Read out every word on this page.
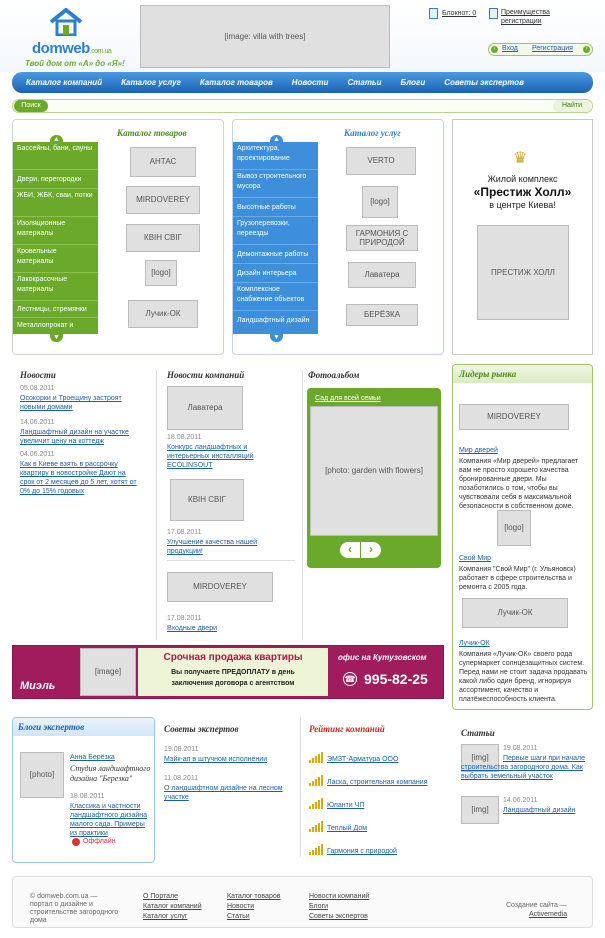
domweb.com.ua
Твой дом от «А» до «Я»!
[image: villa with trees]
Блокнот: 0	Преимущества регистрации
‹ Вход Регистрация	›
Каталог компаний Каталог услуг Каталог товаров Новости Статьи Блоги Советы экспертов
Поиск	Найти
Каталог товаров
Бассейны, бани, сауны
Двери, перегородки
ЖБИ, ЖБК, сваи, потки
Изоляционные материалы
Кровельные материалы
Лакокрасочные материалы
Лестницы, стремянки
Металлопрокат и
▲
▼
АНТАС
MIRDOVEREY
КВІН СВІГ
[logo]
Лучик-ОК
Каталог услуг
Архитектура, проектирование
Вывоз строительного мусора
Высотные работы
Грузоперевозки, переезды
Демонтажные работы
Дизайн интерьера
Комплексное снабжение объектов
Ландшафтный дизайн
▲
▼
VERTO
[logo]
ГАРМОНИЯ С ПРИРОДОЙ
Лаватера
БЕРЁЗКА
♛
Жилой комплекс
«Престиж Холл»
в центре Киева!
ПРЕСТИЖ ХОЛЛ
Новости
05.08.2011
Осокорки и Троещину застроят новыми домами
14.06.2011
Ландшафтный дизайн на участке увеличит цену на коттедж
04.06.2011
Как в Киеве взять в рассрочку квартиру в новостройке Дают на срок от 2 месяцев до 5 лет, хотят от 0% до 15% годовых
Новости компаний
Лаватера
18.08.2011
Конкурс ландшафтных и интерьерных инсталляций ECOLINSOUT
КВІН СВІГ
17.08.2011
Улучшение качества нашей продукции!
MIRDOVEREY
17.08.2011
Входные двери
Фотоальбом
Сад для всей семьи
[photo: garden with flowers]
‹	›
Лидеры рынка
MIRDOVEREY
Мир дверей
Компания «Мир дверей» предлагает вам не просто хорошего качества бронированные двери. Мы позаботились о том, чтобы вы чувствовали себя в максимальной безопасности в собственном доме.
[logo]
Свой Мир
Компания "Свой Мир" (г. Ульяновск) работает в сфере строительства и ремонта с 2005 года.
Лучик-ОК
Лучик-ОК
Компания «Лучик-ОК» своего рода супермаркет солнцезащитных систем. Перед нами не стоит задача продавать какой либо один бренд, игнорируя ассортимент, качество и платёжеспособность клиента.
Миэль
[image]
Срочная продажа квартиры
Вы получаете ПРЕДОПЛАТУ в день
заключения договора с агентством
офис на Кутузовском
☎ 995-82-25
Блоги экспертов
[photo]
Анна Берёзка
Студия ландшафтного дизайна "Березка"
18.08.2011
Классика и частности ландшафтного дизайна малого сада. Примеры из практики
Оффлайн
Советы экспертов
19.08.2011
Мэйк-ап в штучном исполнении
11.08.2011
О ландшафтном дизайне на лесном участке
Рейтинг компаний
ЭМЗТ-Арматура ООО
Ласка, строительная компания
Юланти ЧП
Теплый Дом
Гармония с природой
Статьи
[img]
19.08.2011
Первые шаги при начале строительства загородного дома. Как выбрать земельный участок
[img]
14.06.2011
Ландшафтный дизайн
© domweb.com.ua — портал о дизайне и строительстве загородного дома
О Портале
Каталог компаний
Каталог услуг
Каталог товаров
Новости
Статьи
Новости компаний
Блоги
Советы экспертов
Создание сайта —
Activemedia
